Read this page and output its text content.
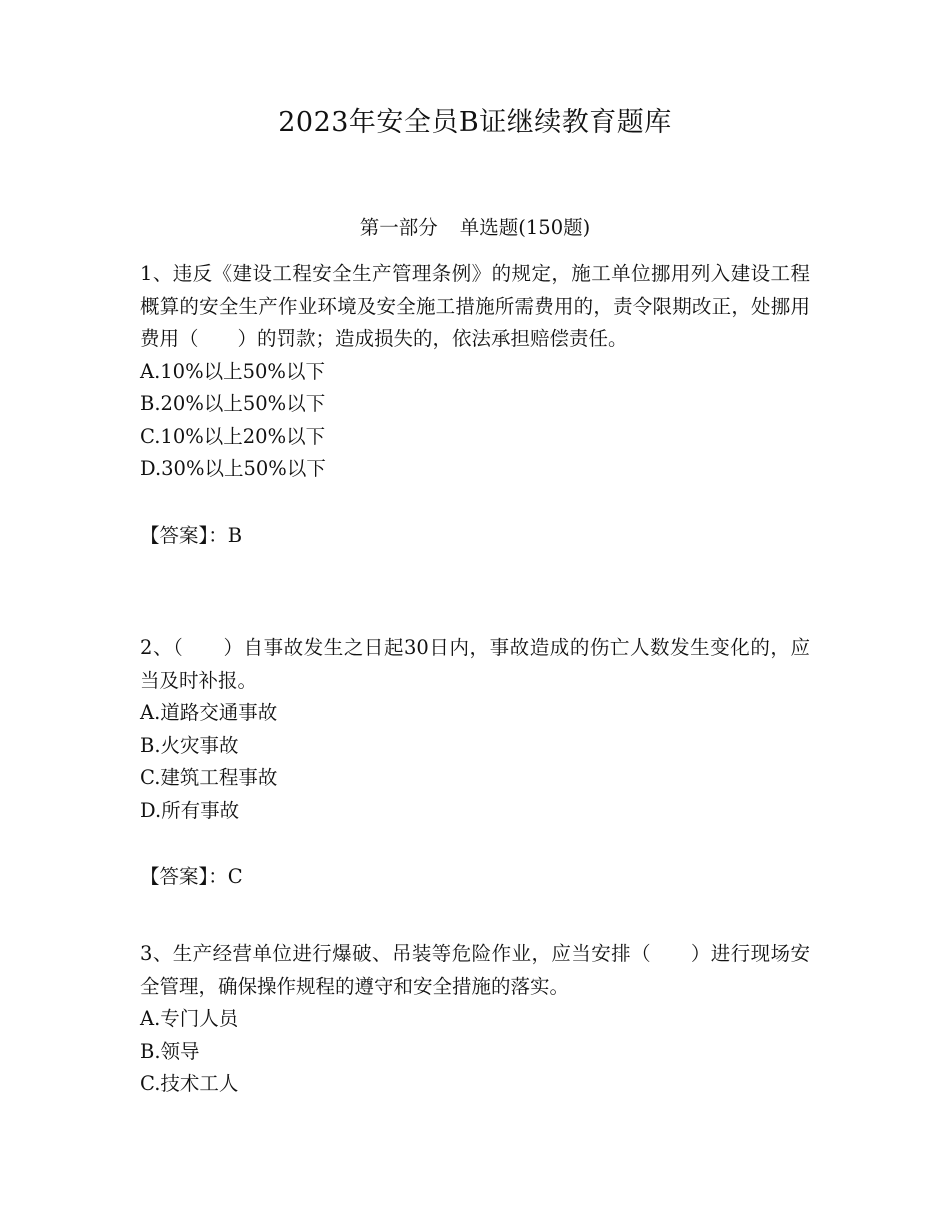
2023年安全员B证继续教育题库
第一部分 单选题(150题)

1、违反《建设工程安全生产管理条例》的规定，施工单位挪用列入建设工程概算的安全生产作业环境及安全施工措施所需费用的，责令限期改正，处挪用费用（　　）的罚款；造成损失的，依法承担赔偿责任。

A.10%以上50%以下

B.20%以上50%以下

C.10%以上20%以下

D.30%以上50%以下

【答案】：B

2、（　　）自事故发生之日起30日内，事故造成的伤亡人数发生变化的，应当及时补报。

A.道路交通事故

B.火灾事故

C.建筑工程事故

D.所有事故

【答案】：C

3、生产经营单位进行爆破、吊装等危险作业，应当安排（　　）进行现场安全管理，确保操作规程的遵守和安全措施的落实。

A.专门人员

B.领导

C.技术工人
